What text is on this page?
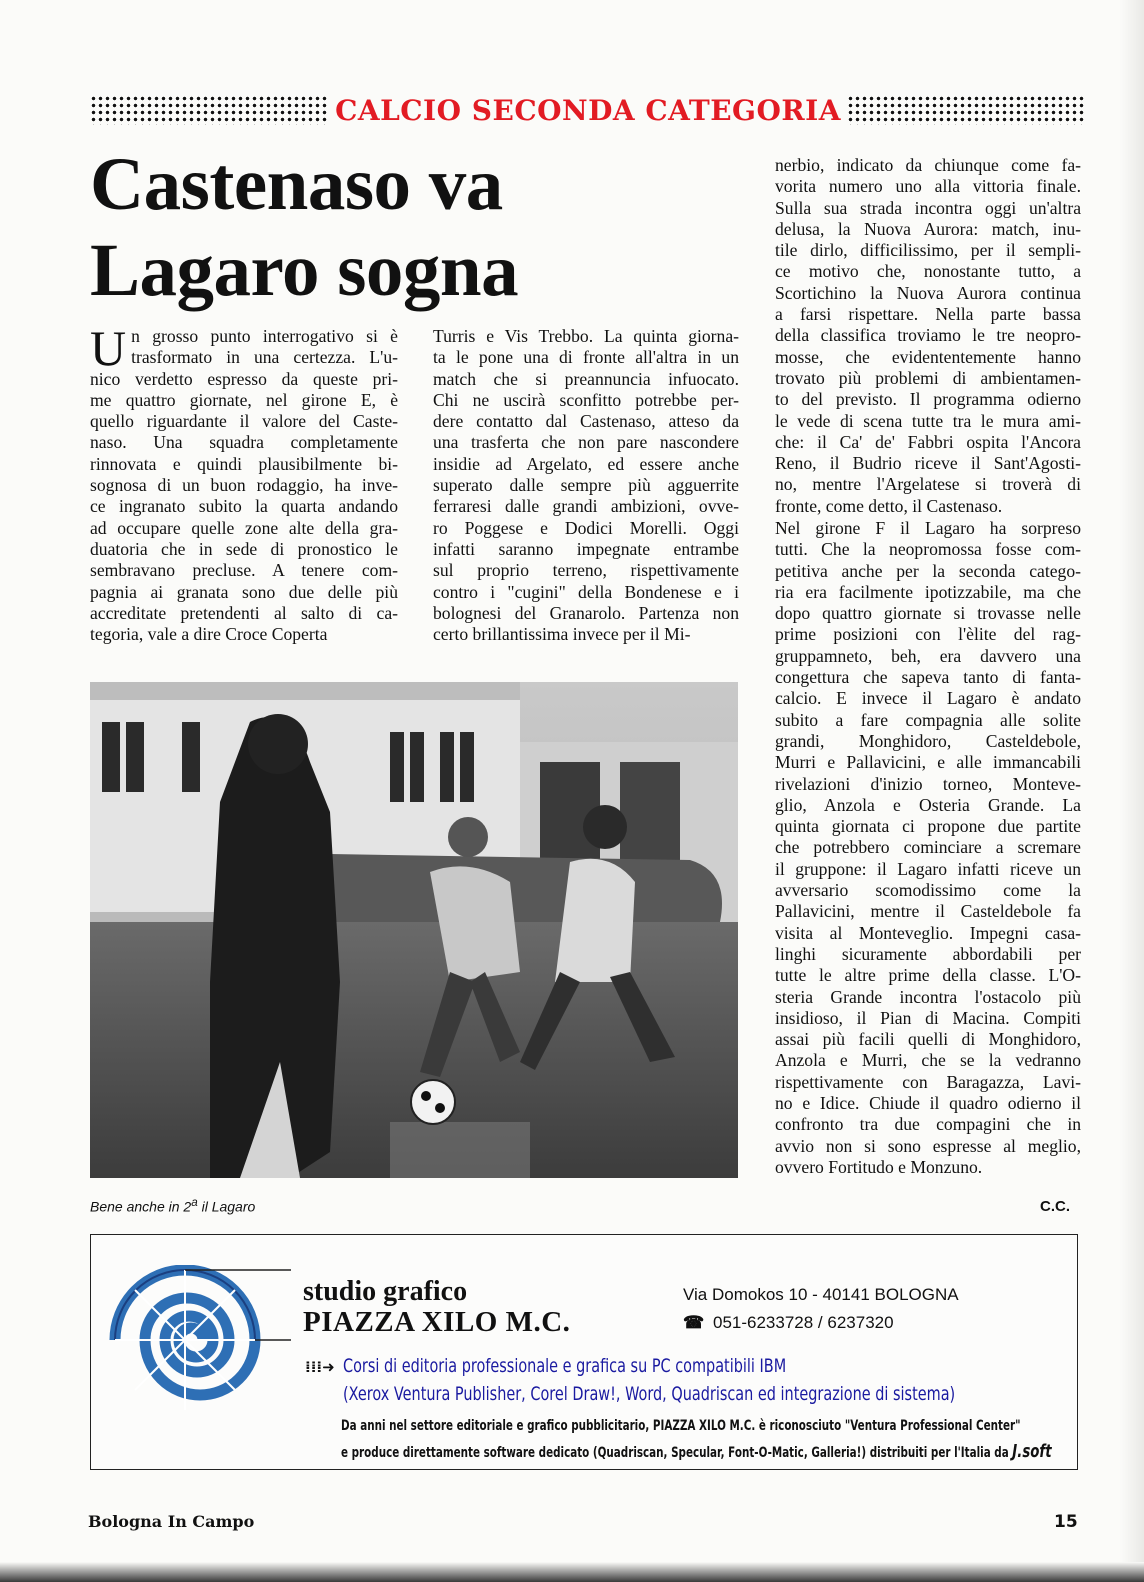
CALCIO SECONDA CATEGORIA
Castenaso va
Lagaro sogna
U n grosso punto interrogativo si è
trasformato in una certezza. L'u-
nico verdetto espresso da queste pri-
me quattro giornate, nel girone E, è
quello riguardante il valore del Caste-
naso. Una squadra completamente
rinnovata e quindi plausibilmente bi-
sognosa di un buon rodaggio, ha inve-
ce ingranato subito la quarta andando
ad occupare quelle zone alte della gra-
duatoria che in sede di pronostico le
sembravano precluse. A tenere com-
pagnia ai granata sono due delle più
accreditate pretendenti al salto di ca-
tegoria, vale a dire Croce Coperta
Turris e Vis Trebbo. La quinta giorna-
ta le pone una di fronte all'altra in un
match che si preannuncia infuocato.
Chi ne uscirà sconfitto potrebbe per-
dere contatto dal Castenaso, atteso da
una trasferta che non pare nascondere
insidie ad Argelato, ed essere anche
superato dalle sempre più agguerrite
ferraresi dalle grandi ambizioni, ovve-
ro Poggese e Dodici Morelli. Oggi
infatti saranno impegnate entrambe
sul proprio terreno, rispettivamente
contro i "cugini" della Bondenese e i
bolognesi del Granarolo. Partenza non
certo brillantissima invece per il Mi-
nerbio, indicato da chiunque come fa-
vorita numero uno alla vittoria finale.
Sulla sua strada incontra oggi un'altra
delusa, la Nuova Aurora: match, inu-
tile dirlo, difficilissimo, per il sempli-
ce motivo che, nonostante tutto, a
Scortichino la Nuova Aurora continua
a farsi rispettare. Nella parte bassa
della classifica troviamo le tre neopro-
mosse, che evidententemente hanno
trovato più problemi di ambientamen-
to del previsto. Il programma odierno
le vede di scena tutte tra le mura ami-
che: il Ca' de' Fabbri ospita l'Ancora
Reno, il Budrio riceve il Sant'Agosti-
no, mentre l'Argelatese si troverà di
fronte, come detto, il Castenaso.
Nel girone F il Lagaro ha sorpreso
tutti. Che la neopromossa fosse com-
petitiva anche per la seconda catego-
ria era facilmente ipotizzabile, ma che
dopo quattro giornate si trovasse nelle
prime posizioni con l'èlite del rag-
gruppamneto, beh, era davvero una
congettura che sapeva tanto di fanta-
calcio. E invece il Lagaro è andato
subito a fare compagnia alle solite
grandi, Monghidoro, Casteldebole,
Murri e Pallavicini, e alle immancabili
rivelazioni d'inizio torneo, Monteve-
glio, Anzola e Osteria Grande. La
quinta giornata ci propone due partite
che potrebbero cominciare a scremare
il gruppone: il Lagaro infatti riceve un
avversario scomodissimo come la
Pallavicini, mentre il Casteldebole fa
visita al Monteveglio. Impegni casa-
linghi sicuramente abbordabili per
tutte le altre prime della classe. L'O-
steria Grande incontra l'ostacolo più
insidioso, il Pian di Macina. Compiti
assai più facili quelli di Monghidoro,
Anzola e Murri, che se la vedranno
rispettivamente con Baragazza, Lavi-
no e Idice. Chiude il quadro odierno il
confronto tra due compagini che in
avvio non si sono espresse al meglio,
ovvero Fortitudo e Monzuno.
Bene anche in 2$^a$ il Lagaro	C.C.
studio grafico
PIAZZA XILO M.C.
Via Domokos 10 - 40141 BOLOGNA
☎ 051-6233728 / 6237320
⁞⁞⁞➜ Corsi di editoria professionale e grafica su PC compatibili IBM
(Xerox Ventura Publisher, Corel Draw!, Word, Quadriscan ed integrazione di sistema)
Da anni nel settore editoriale e grafico pubblicitario, PIAZZA XILO M.C. è riconosciuto "Ventura Professional Center"
e produce direttamente software dedicato (Quadriscan, Specular, Font-O-Matic, Galleria!) distribuiti per l'Italia da J.soft
Bologna In Campo	15
